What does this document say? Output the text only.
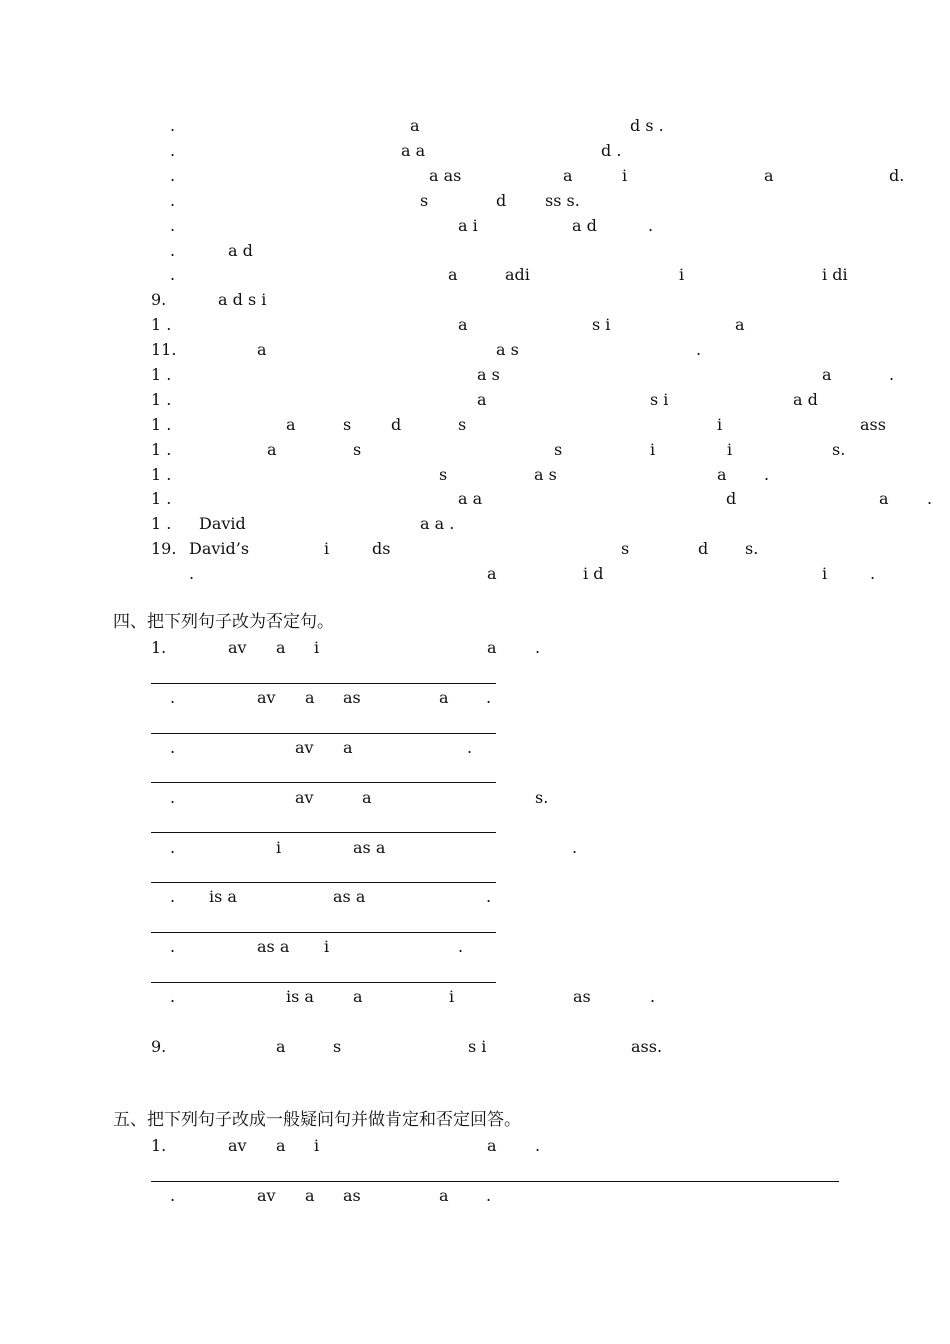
.	a	d s .
.	a a	d .
.	a as	a	i	a	d.
.	s	d ss s.
.	a i	a d	.
.	a d
.	a	adi	i	i di
9.	a d s i
1 .	a	s i	a
11.	a	a s	.
1 .	a s	a	.
1 .	a	s i	a d
1 .	a	s d	s	i	ass
1 .	a	s	s	i	i	s.
1 .	s	a s	a .
1 .	a a	d	a .
1 . David	a a .
19. David’s	i	ds	s	d s.
.	a	i d	i	.
四、把下列句子改为否定句。
1.	av a i	a .
.	av a as	a .
.	av a	.
.	av	a	s.
.	i	as a	.
. is a	as a	.
.	as a i	.
.	is a a	i	as	.
9.	a	s	s i	ass.
五、把下列句子改成一般疑问句并做肯定和否定回答。
1.	av a i	a .
.	av a as	a .
